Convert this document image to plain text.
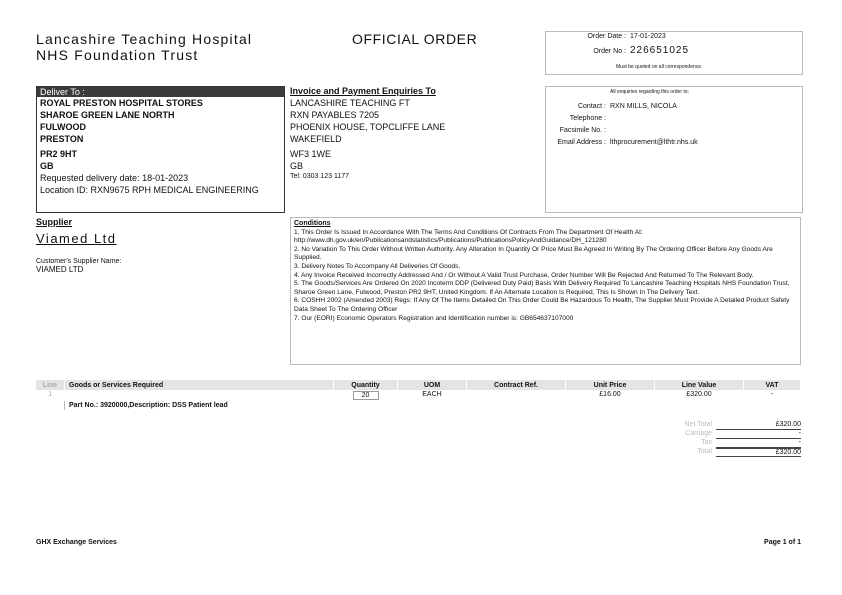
Lancashire Teaching Hospital
NHS Foundation Trust
OFFICIAL ORDER	Order Date : 17-01-2023
Order No : 226651025
Must be quoted on all correspondence.
Deliver To :
ROYAL PRESTON HOSPITAL STORES
SHAROE GREEN LANE NORTH
FULWOOD
PRESTON
PR2 9HT
GB
Requested delivery date: 18-01-2023
Location ID: RXN9675 RPH MEDICAL ENGINEERING
Invoice and Payment Enquiries To
LANCASHIRE TEACHING FT
RXN PAYABLES 7205
PHOENIX HOUSE, TOPCLIFFE LANE
WAKEFIELD
WF3 1WE
GB
Tel: 0303 123 1177
All enquiries regarding this order to:
Contact : RXN MILLS, NICOLA
Telephone :
Facsimile No. :
Email Address : lthprocurement@lthtr.nhs.uk
Supplier
Viamed Ltd
Customer's Supplier Name:
VIAMED LTD
Conditions
1. This Order Is Issued In Accordance With The Terms And Conditions Of Contracts From The Department Of Health At: http://www.dh.gov.uk/en/Publicationsandstatistics/Publications/PublicationsPolicyAndGuidance/DH_121280
2. No Variation To This Order Without Written Authority. Any Alteration In Quantity Or Price Must Be Agreed In Writing By The Ordering Officer Before Any Goods Are Supplied.
3. Delivery Notes To Accompany All Deliveries Of Goods.
4. Any Invoice Received Incorrectly Addressed And / Or Without A Valid Trust Purchase, Order Number Will Be Rejected And Returned To The Relevant Body.
5. The Goods/Services Are Ordered On 2020 Incoterm DDP (Delivered Duty Paid) Basis With Delivery Required To Lancashire Teaching Hospitals NHS Foundation Trust, Sharoe Green Lane, Fulwood, Preston PR2 9HT, United Kingdom. If An Alternate Location Is Required, This Is Shown In The Delivery Text.
6. COSHH 2002 (Amended 2003) Regs: If Any Of The Items Detailed On This Order Could Be Hazardous To Health, The Supplier Must Provide A Detailed Product Safety Data Sheet To The Ordering Officer
7. Our (EORI) Economic Operators Registration and Identification number is: GB654637107000
Line	Goods or Services Required	Quantity	UOM	Contract Ref.	Unit Price	Line Value	VAT
1		20	EACH		£16.00	£320.00	-
	Part No.: 3920000,Description: DSS Patient lead						
Net Total	£320.00
Carriage	-
Tax	-
Total	£320.00
GHX Exchange Services	Page 1 of 1
